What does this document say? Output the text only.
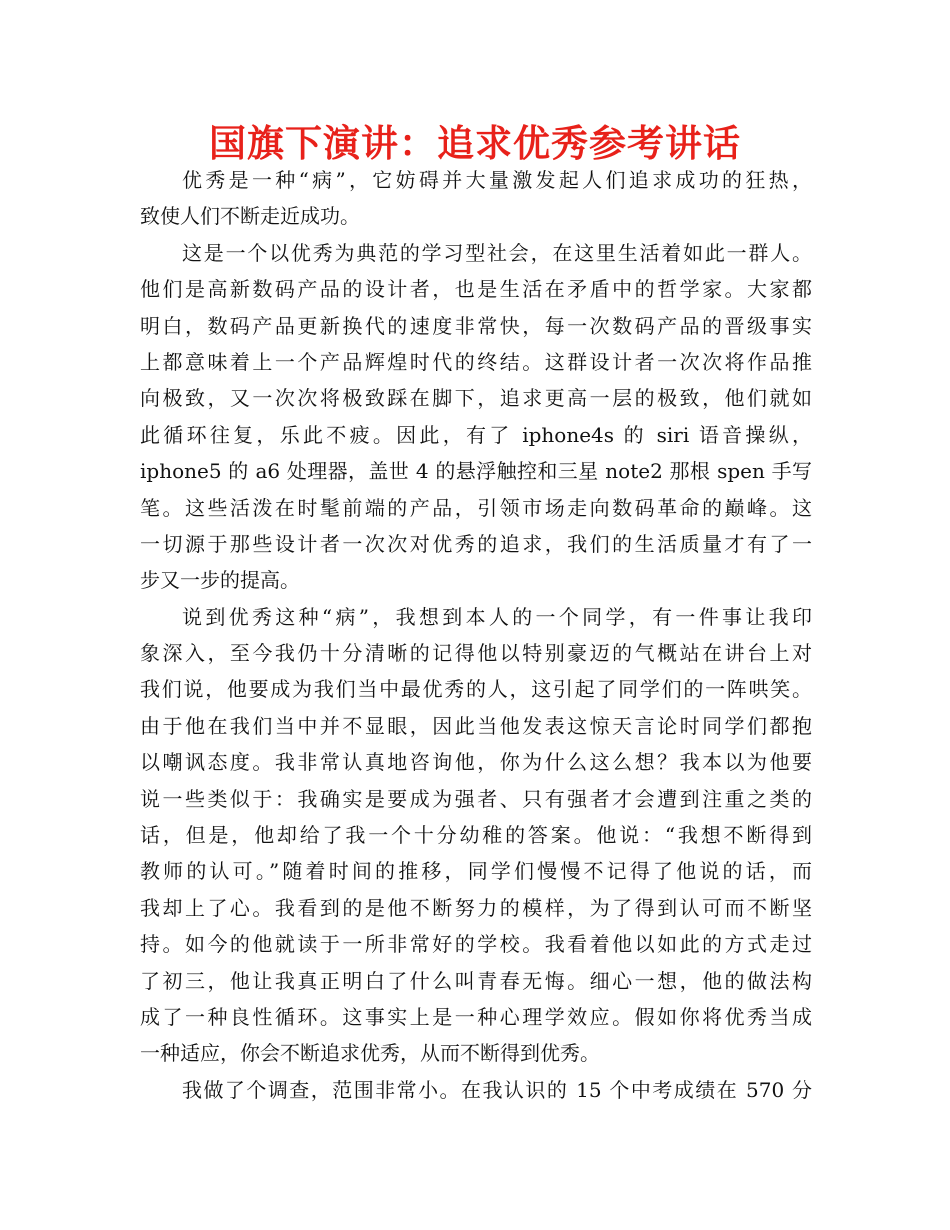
国旗下演讲：追求优秀参考讲话
优秀是一种“病”，它妨碍并大量激发起人们追求成功的狂热，
致使人们不断走近成功。
这是一个以优秀为典范的学习型社会，在这里生活着如此一群人。
他们是高新数码产品的设计者，也是生活在矛盾中的哲学家。大家都
明白，数码产品更新换代的速度非常快，每一次数码产品的晋级事实
上都意味着上一个产品辉煌时代的终结。这群设计者一次次将作品推
向极致，又一次次将极致踩在脚下，追求更高一层的极致，他们就如
此循环往复，乐此不疲。因此，有了 iphone4s 的 siri 语音操纵，
iphone5 的 a6 处理器，盖世 4 的悬浮触控和三星 note2 那根 spen 手写
笔。这些活泼在时髦前端的产品，引领市场走向数码革命的巅峰。这
一切源于那些设计者一次次对优秀的追求，我们的生活质量才有了一
步又一步的提高。
说到优秀这种“病”，我想到本人的一个同学，有一件事让我印
象深入，至今我仍十分清晰的记得他以特别豪迈的气概站在讲台上对
我们说，他要成为我们当中最优秀的人，这引起了同学们的一阵哄笑。
由于他在我们当中并不显眼，因此当他发表这惊天言论时同学们都抱
以嘲讽态度。我非常认真地咨询他，你为什么这么想？我本以为他要
说一些类似于：我确实是要成为强者、只有强者才会遭到注重之类的
话，但是，他却给了我一个十分幼稚的答案。他说：“我想不断得到
教师的认可。”随着时间的推移，同学们慢慢不记得了他说的话，而
我却上了心。我看到的是他不断努力的模样，为了得到认可而不断坚
持。如今的他就读于一所非常好的学校。我看着他以如此的方式走过
了初三，他让我真正明白了什么叫青春无悔。细心一想，他的做法构
成了一种良性循环。这事实上是一种心理学效应。假如你将优秀当成
一种适应，你会不断追求优秀，从而不断得到优秀。
我做了个调查，范围非常小。在我认识的 15 个中考成绩在 570 分
